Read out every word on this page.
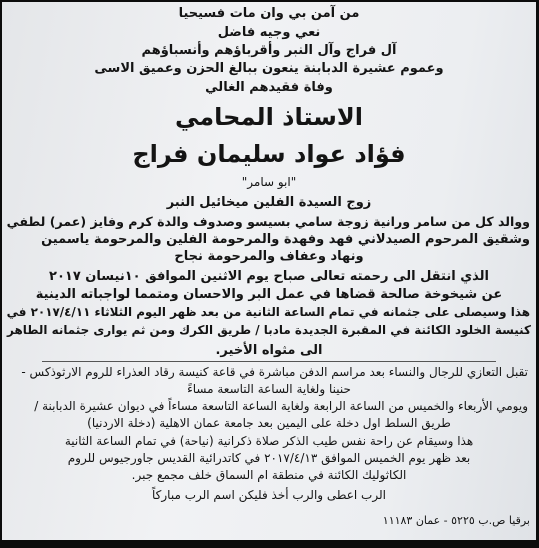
من آمن بي وان مات فسيحيا
نعي وجيه فاضل
آل فراج وآل النبر وأقرباؤهم وأنسباؤهم
وعموم عشيرة الدبابنة ينعون ببالغ الحزن وعميق الاسى
وفاة فقيدهم الغالي
الاستاذ المحامي
فؤاد عواد سليمان فراج
"ابو سامر"
زوج السيدة الفلين ميخائيل النبر
ووالد كل من سامر ورانية زوجة سامي بسيسو وصدوف والدة كرم وفايز (عمر) لطفي
وشقيق المرحوم الصيدلاني فهد وفهدة والمرحومة الفلين والمرحومة ياسمين
ونهاد وعفاف والمرحومة نجاح
الذي انتقل الى رحمته تعالى صباح يوم الاثنين الموافق ١٠نيسان ٢٠١٧
عن شيخوخة صالحة قضاها في عمل البر والاحسان ومتمما لواجباته الدينية
هذا وسيصلى على جثمانه في تمام الساعة الثانية من بعد ظهر اليوم الثلاثاء ٢٠١٧/٤/١١ في
كنيسة الخلود الكائنة في المقبرة الجديدة مادبا / طريق الكرك ومن ثم يوارى جثمانه الطاهر
الى مثواه الأخير.
تقبل التعازي للرجال والنساء بعد مراسم الدفن مباشرة في قاعة كنيسة رقاد العذراء للروم الارثوذكس -
حنينا ولغاية الساعة التاسعة مساءً
ويومي الأربعاء والخميس من الساعة الرابعة ولغاية الساعة التاسعة مساءاً في ديوان عشيرة الدبابنة /
طريق السلط اول دخلة على اليمين بعد جامعة عمان الاهلية (دخلة الاردنيا)
هذا وسيقام عن راحة نفس طيب الذكر صلاة ذكرانية (نياحة) في تمام الساعة الثانية
بعد ظهر يوم الخميس الموافق ٢٠١٧/٤/١٣ في كاتدرائية القديس جاورجيوس للروم
الكاثوليك الكائنة في منطقة ام السماق خلف مجمع جبر.
الرب اعطى والرب أخذ فليكن اسم الرب مباركاً
برقيا ص.ب ٥٢٢٥ - عمان ١١١٨٣
